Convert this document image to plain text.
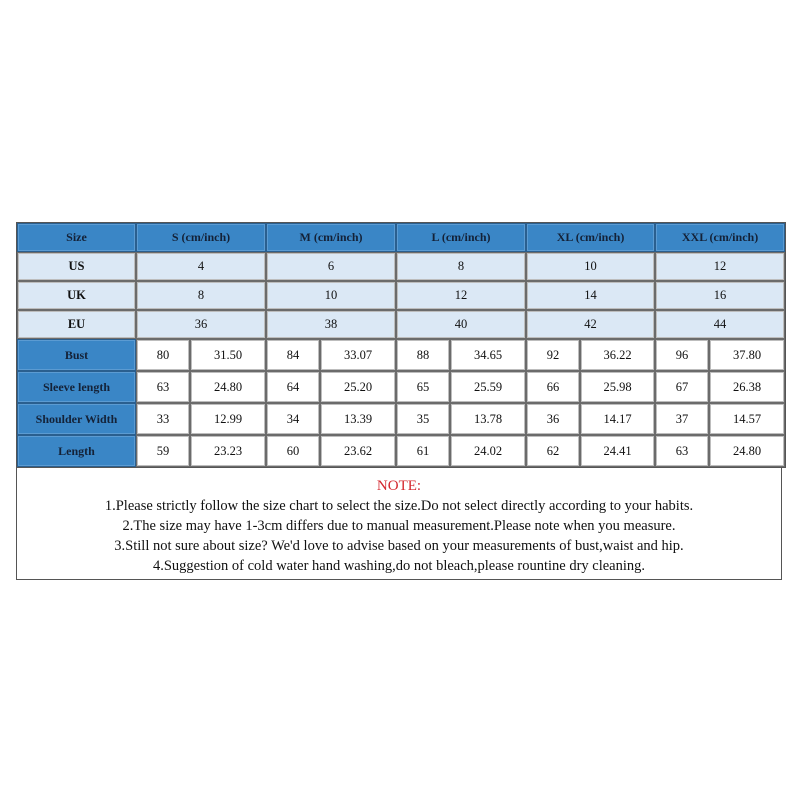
Size	S (cm/inch)		M (cm/inch)		L (cm/inch)		XL (cm/inch)		XXL (cm/inch)	
US	4		6		8		10		12	
UK	8		10		12		14		16	
EU	36		38		40		42		44	
Bust	80	31.50	84	33.07	88	34.65	92	36.22	96	37.80
Sleeve length	63	24.80	64	25.20	65	25.59	66	25.98	67	26.38
Shoulder Width	33	12.99	34	13.39	35	13.78	36	14.17	37	14.57
Length	59	23.23	60	23.62	61	24.02	62	24.41	63	24.80
NOTE:
1.Please strictly follow the size chart to select the size.Do not select directly according to your habits.
2.The size may have 1-3cm differs due to manual measurement.Please note when you measure.
3.Still not sure about size? We'd love to advise based on your measurements of bust,waist and hip.
4.Suggestion of cold water hand washing,do not bleach,please rountine dry cleaning.
